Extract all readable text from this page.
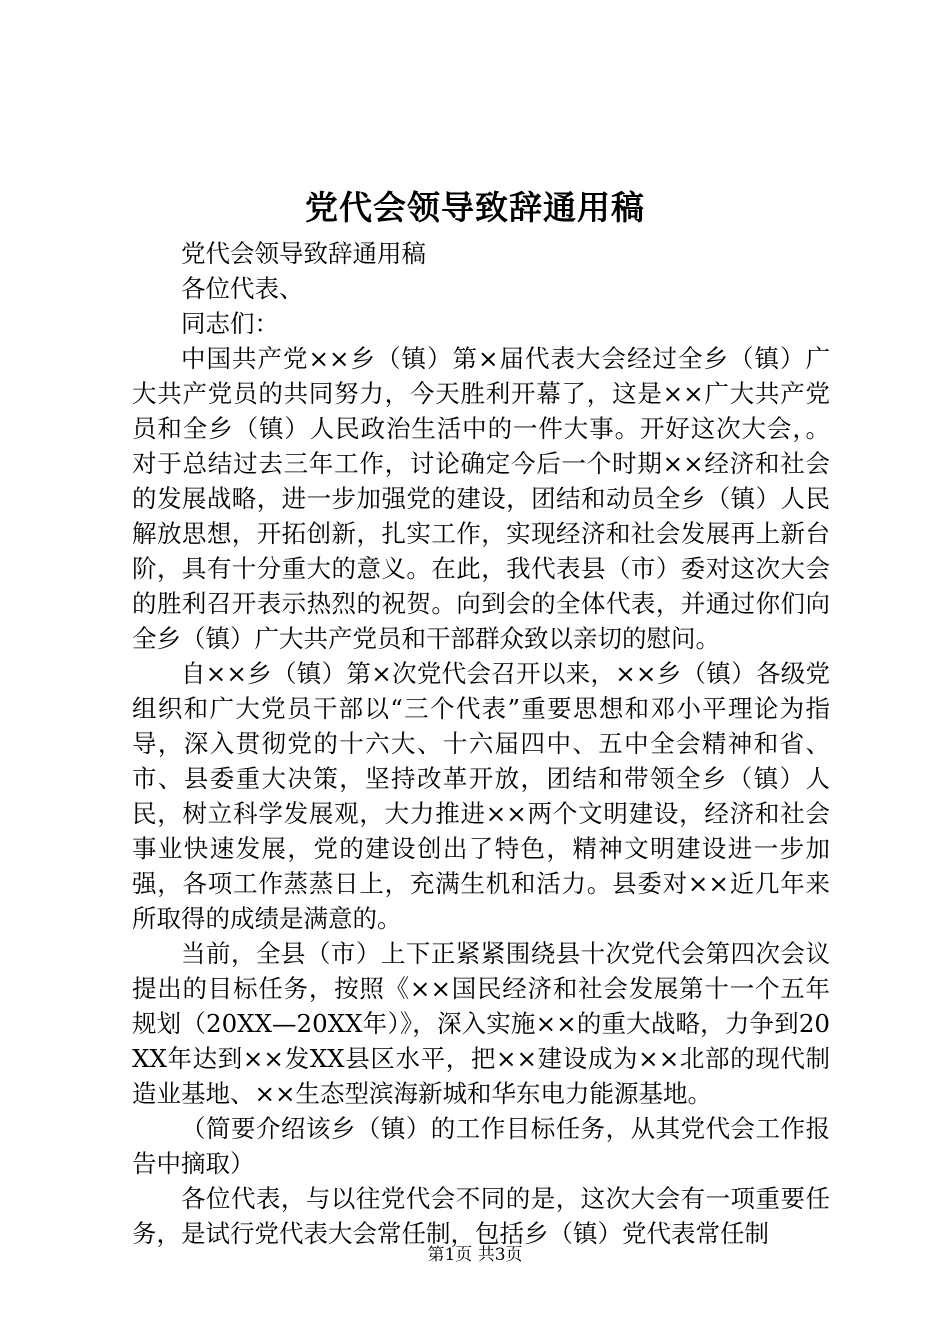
党代会领导致辞通用稿

党代会领导致辞通用稿

各位代表、

同志们：

中国共产党××乡（镇）第×届代表大会经过全乡（镇）广大共产党员的共同努力，今天胜利开幕了，这是××广大共产党员和全乡（镇）人民政治生活中的一件大事。开好这次大会，。对于总结过去三年工作，讨论确定今后一个时期××经济和社会的发展战略，进一步加强党的建设，团结和动员全乡（镇）人民解放思想，开拓创新，扎实工作，实现经济和社会发展再上新台阶，具有十分重大的意义。在此，我代表县（市）委对这次大会的胜利召开表示热烈的祝贺。向到会的全体代表，并通过你们向全乡（镇）广大共产党员和干部群众致以亲切的慰问。

自××乡（镇）第×次党代会召开以来，××乡（镇）各级党组织和广大党员干部以“三个代表”重要思想和邓小平理论为指导，深入贯彻党的十六大、十六届四中、五中全会精神和省、市、县委重大决策，坚持改革开放，团结和带领全乡（镇）人民，树立科学发展观，大力推进××两个文明建设，经济和社会事业快速发展，党的建设创出了特色，精神文明建设进一步加强，各项工作蒸蒸日上，充满生机和活力。县委对××近几年来所取得的成绩是满意的。

当前，全县（市）上下正紧紧围绕县十次党代会第四次会议提出的目标任务，按照《××国民经济和社会发展第十一个五年规划（20XX—20XX年）》，深入实施××的重大战略，力争到20XX年达到××发XX县区水平，把××建设成为××北部的现代制造业基地、××生态型滨海新城和华东电力能源基地。

（简要介绍该乡（镇）的工作目标任务，从其党代会工作报告中摘取）

各位代表，与以往党代会不同的是，这次大会有一项重要任务，是试行党代表大会常任制，包括乡（镇）党代表常任制

第1页 共3页
